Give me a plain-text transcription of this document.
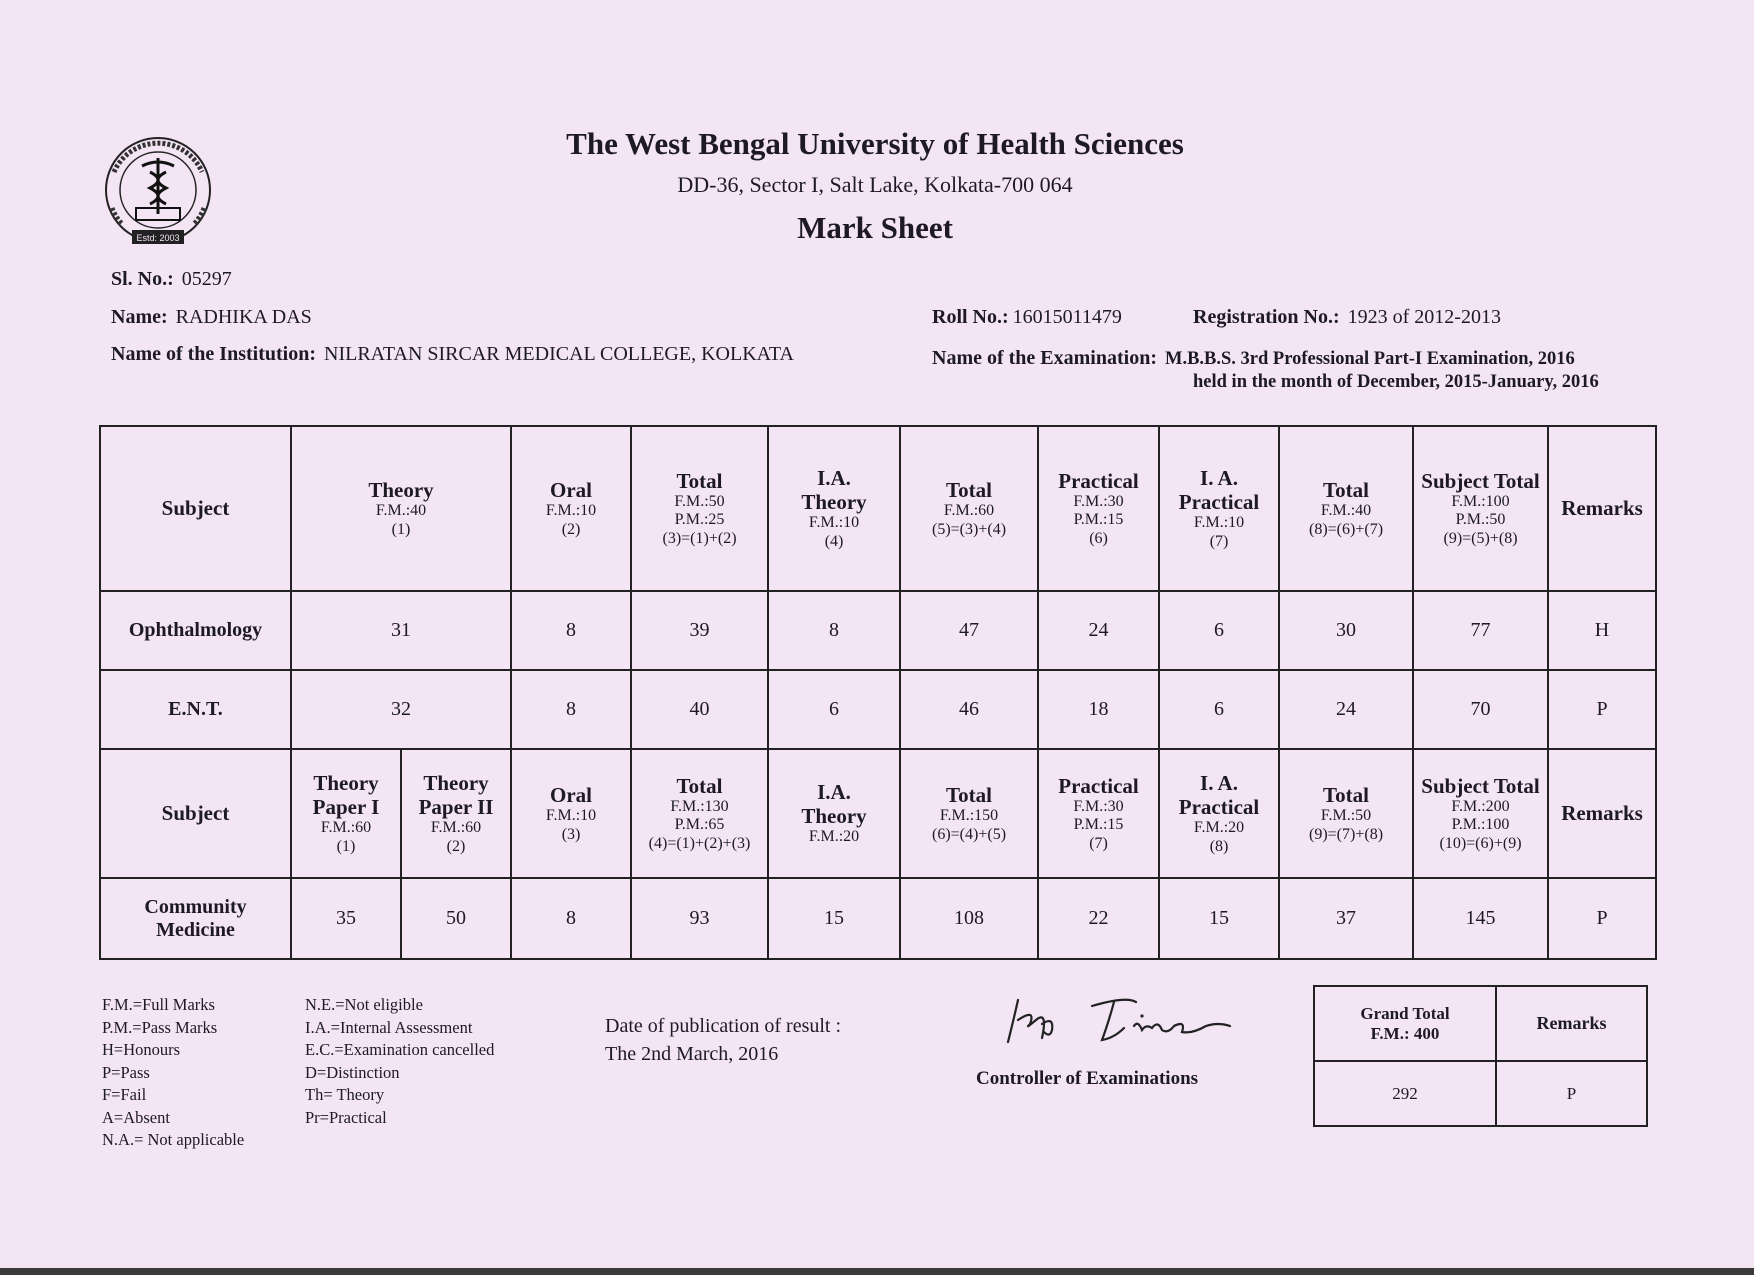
Estd: 2003
The West Bengal University of Health Sciences
DD-36, Sector I, Salt Lake, Kolkata-700 064
Mark Sheet
Sl. No.: 05297
Name: RADHIKA DAS
Name of the Institution: NILRATAN SIRCAR MEDICAL COLLEGE, KOLKATA
Roll No.: 16015011479	Registration No.: 1923 of 2012-2013
Name of the Examination: M.B.B.S. 3rd Professional Part-I Examination, 2016
held in the month of December, 2015-January, 2016
Subject	Theory
F.M.:40
(1)		Oral
F.M.:10
(2)	Total
F.M.:50
P.M.:25
(3)=(1)+(2)	I.A.
Theory
F.M.:10
(4)	Total
F.M.:60
(5)=(3)+(4)	Practical
F.M.:30
P.M.:15
(6)	I. A.
Practical
F.M.:10
(7)	Total
F.M.:40
(8)=(6)+(7)	Subject Total
F.M.:100
P.M.:50
(9)=(5)+(8)	Remarks

Ophthalmology	31		8	39	8	47	24	6	30	77	H
E.N.T.	32		8	40	6	46	18	6	24	70	P

Subject	Theory
Paper I
F.M.:60
(1)	Theory
Paper II
F.M.:60
(2)	Oral
F.M.:10
(3)	Total
F.M.:130
P.M.:65
(4)=(1)+(2)+(3)	I.A.
Theory
F.M.:20	Total
F.M.:150
(6)=(4)+(5)	Practical
F.M.:30
P.M.:15
(7)	I. A.
Practical
F.M.:20
(8)	Total
F.M.:50
(9)=(7)+(8)	Subject Total
F.M.:200
P.M.:100
(10)=(6)+(9)	Remarks

Community
Medicine	35	50	8	93	15	108	22	15	37	145	P
F.M.=Full Marks
P.M.=Pass Marks
H=Honours
P=Pass
F=Fail
A=Absent
N.A.= Not applicable
N.E.=Not eligible
I.A.=Internal Assessment
E.C.=Examination cancelled
D=Distinction
Th= Theory
Pr=Practical
Date of publication of result :
The 2nd March, 2016
Controller of Examinations
Grand Total
F.M.: 400	Remarks

292	P
